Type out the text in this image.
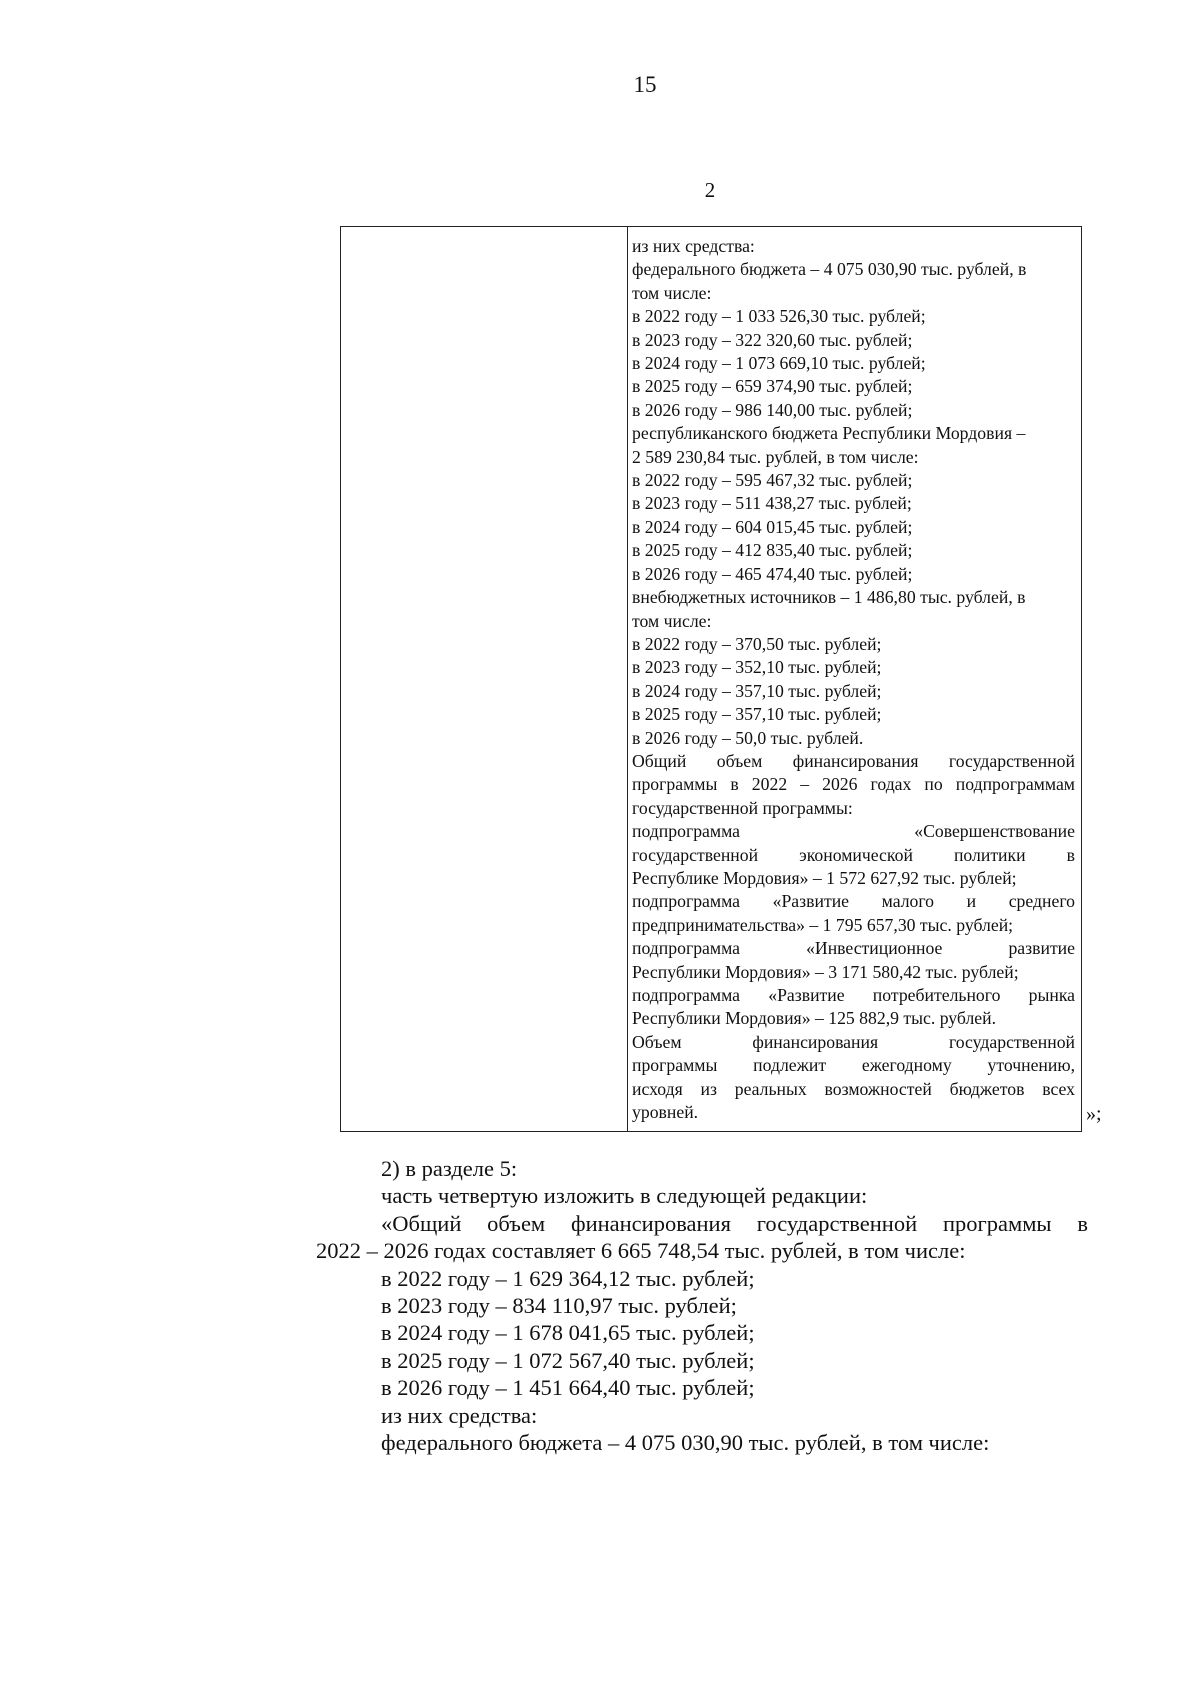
15
2
из них средства:
федерального бюджета – 4 075 030,90 тыс. рублей, в
том числе:
в 2022 году – 1 033 526,30 тыс. рублей;
в 2023 году – 322 320,60 тыс. рублей;
в 2024 году – 1 073 669,10 тыс. рублей;
в 2025 году – 659 374,90 тыс. рублей;
в 2026 году – 986 140,00 тыс. рублей;
республиканского бюджета Республики Мордовия –
2 589 230,84 тыс. рублей, в том числе:
в 2022 году – 595 467,32 тыс. рублей;
в 2023 году – 511 438,27 тыс. рублей;
в 2024 году – 604 015,45 тыс. рублей;
в 2025 году – 412 835,40 тыс. рублей;
в 2026 году – 465 474,40 тыс. рублей;
внебюджетных источников – 1 486,80 тыс. рублей, в
том числе:
в 2022 году – 370,50 тыс. рублей;
в 2023 году – 352,10 тыс. рублей;
в 2024 году – 357,10 тыс. рублей;
в 2025 году – 357,10 тыс. рублей;
в 2026 году – 50,0 тыс. рублей.
Общий объем финансирования государственной
программы в 2022 – 2026 годах по подпрограммам
государственной программы:
подпрограмма «Совершенствование
государственной экономической политики в
Республике Мордовия» – 1 572 627,92 тыс. рублей;
подпрограмма «Развитие малого и среднего
предпринимательства» – 1 795 657,30 тыс. рублей;
подпрограмма «Инвестиционное развитие
Республики Мордовия» – 3 171 580,42 тыс. рублей;
подпрограмма «Развитие потребительного рынка
Республики Мордовия» – 125 882,9 тыс. рублей.
Объем финансирования государственной
программы подлежит ежегодному уточнению,
исходя из реальных возможностей бюджетов всех
уровней.	»;
2) в разделе 5:
часть четвертую изложить в следующей редакции:
«Общий объем финансирования государственной программы в
2022 – 2026 годах составляет 6 665 748,54 тыс. рублей, в том числе:
в 2022 году – 1 629 364,12 тыс. рублей;
в 2023 году – 834 110,97 тыс. рублей;
в 2024 году – 1 678 041,65 тыс. рублей;
в 2025 году – 1 072 567,40 тыс. рублей;
в 2026 году – 1 451 664,40 тыс. рублей;
из них средства:
федерального бюджета – 4 075 030,90 тыс. рублей, в том числе:
